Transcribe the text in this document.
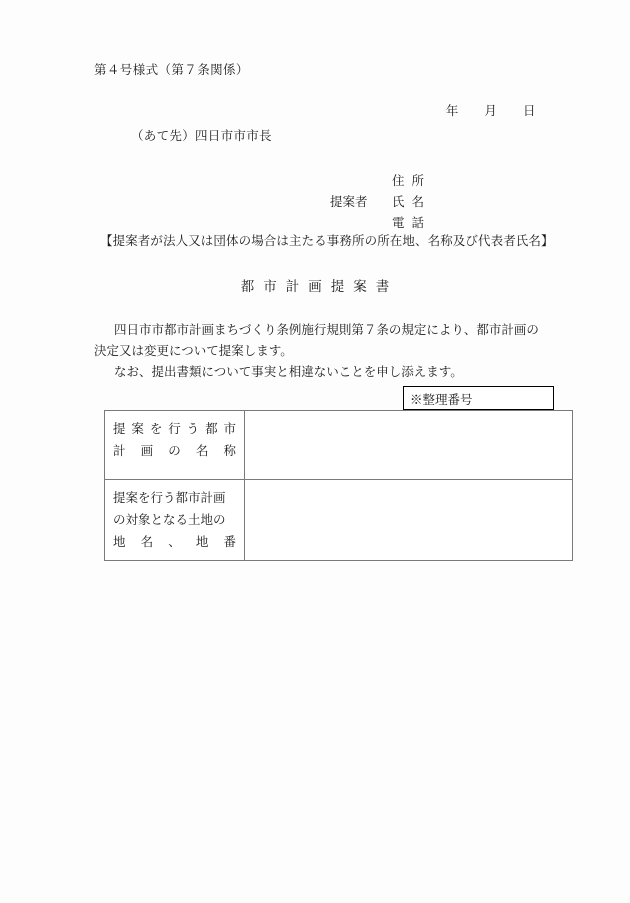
第４号様式（第７条関係）

年 月 日

（あて先）四日市市市長
住所
提案者 氏名
電話
【提案者が法人又は団体の場合は主たる事務所の所在地、名称及び代表者氏名】
都市計画提案書

四日市市都市計画まちづくり条例施行規則第７条の規定により、都市計画の決定又は変更について提案します。

なお、提出書類について事実と相違ないことを申し添えます。

※整理番号
提案を行う都市
計画の名称	

提案を行う都市計画
の対象となる土地の
地名、地番	
